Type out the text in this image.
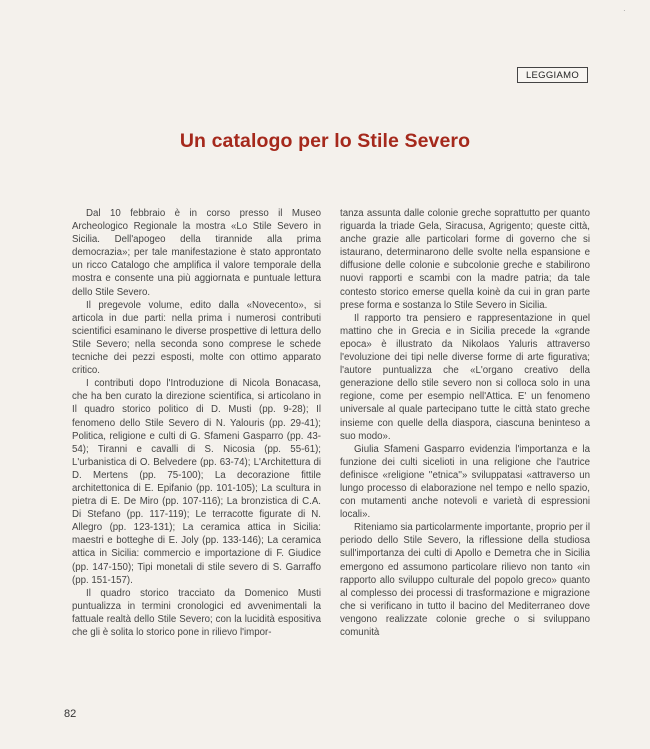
·
LEGGIAMO
Un catalogo per lo Stile Severo

Dal 10 febbraio è in corso presso il Museo Archeologico Regionale la mostra «Lo Stile Severo in Sicilia. Dell'apogeo della tirannide alla prima democrazia»; per tale manifestazione è stato approntato un ricco Catalogo che amplifica il valore temporale della mostra e consente una più aggiornata e puntuale lettura dello Stile Severo.

Il pregevole volume, edito dalla «Novecento», si articola in due parti: nella prima i numerosi contributi scientifici esaminano le diverse prospettive di lettura dello Stile Severo; nella seconda sono comprese le schede tecniche dei pezzi esposti, molte con ottimo apparato critico.

I contributi dopo l'Introduzione di Nicola Bonacasa, che ha ben curato la direzione scientifica, si articolano in Il quadro storico politico di D. Musti (pp. 9-28); Il fenomeno dello Stile Severo di N. Yalouris (pp. 29-41); Politica, religione e culti di G. Sfameni Gasparro (pp. 43-54); Tiranni e cavalli di S. Nicosia (pp. 55-61); L'urbanistica di O. Belvedere (pp. 63-74); L'Architettura di D. Mertens (pp. 75-100); La decorazione fittile architettonica di E. Epifanio (pp. 101-105); La scultura in pietra di E. De Miro (pp. 107-116); La bronzistica di C.A. Di Stefano (pp. 117-119); Le terracotte figurate di N. Allegro (pp. 123-131); La ceramica attica in Sicilia: maestri e botteghe di E. Joly (pp. 133-146); La ceramica attica in Sicilia: commercio e importazione di F. Giudice (pp. 147-150); Tipi monetali di stile severo di S. Garraffo (pp. 151-157).

Il quadro storico tracciato da Domenico Musti puntualizza in termini cronologici ed avvenimentali la fattuale realtà dello Stile Severo; con la lucidità espositiva che gli è solita lo storico pone in rilievo l'impor-

tanza assunta dalle colonie greche soprattutto per quanto riguarda la triade Gela, Siracusa, Agrigento; queste città, anche grazie alle particolari forme di governo che si istaurano, determinarono delle svolte nella espansione e diffusione delle colonie e subcolonie greche e stabilirono nuovi rapporti e scambi con la madre patria; da tale contesto storico emerse quella koinè da cui in gran parte prese forma e sostanza lo Stile Severo in Sicilia.

Il rapporto tra pensiero e rappresentazione in quel mattino che in Grecia e in Sicilia precede la «grande epoca» è illustrato da Nikolaos Yaluris attraverso l'evoluzione dei tipi nelle diverse forme di arte figurativa; l'autore puntualizza che «L'organo creativo della generazione dello stile severo non si colloca solo in una regione, come per esempio nell'Attica. E' un fenomeno universale al quale partecipano tutte le città stato greche insieme con quelle della diaspora, ciascuna beninteso a suo modo».

Giulia Sfameni Gasparro evidenzia l'importanza e la funzione dei culti sicelioti in una religione che l'autrice definisce «religione ''etnica''» sviluppatasi «attraverso un lungo processo di elaborazione nel tempo e nello spazio, con mutamenti anche notevoli e varietà di espressioni locali».

Riteniamo sia particolarmente importante, proprio per il periodo dello Stile Severo, la riflessione della studiosa sull'importanza dei culti di Apollo e Demetra che in Sicilia emergono ed assumono particolare rilievo non tanto «in rapporto allo sviluppo culturale del popolo greco» quanto al complesso dei processi di trasformazione e migrazione che si verificano in tutto il bacino del Mediterraneo dove vengono realizzate colonie greche o si sviluppano comunità

82
